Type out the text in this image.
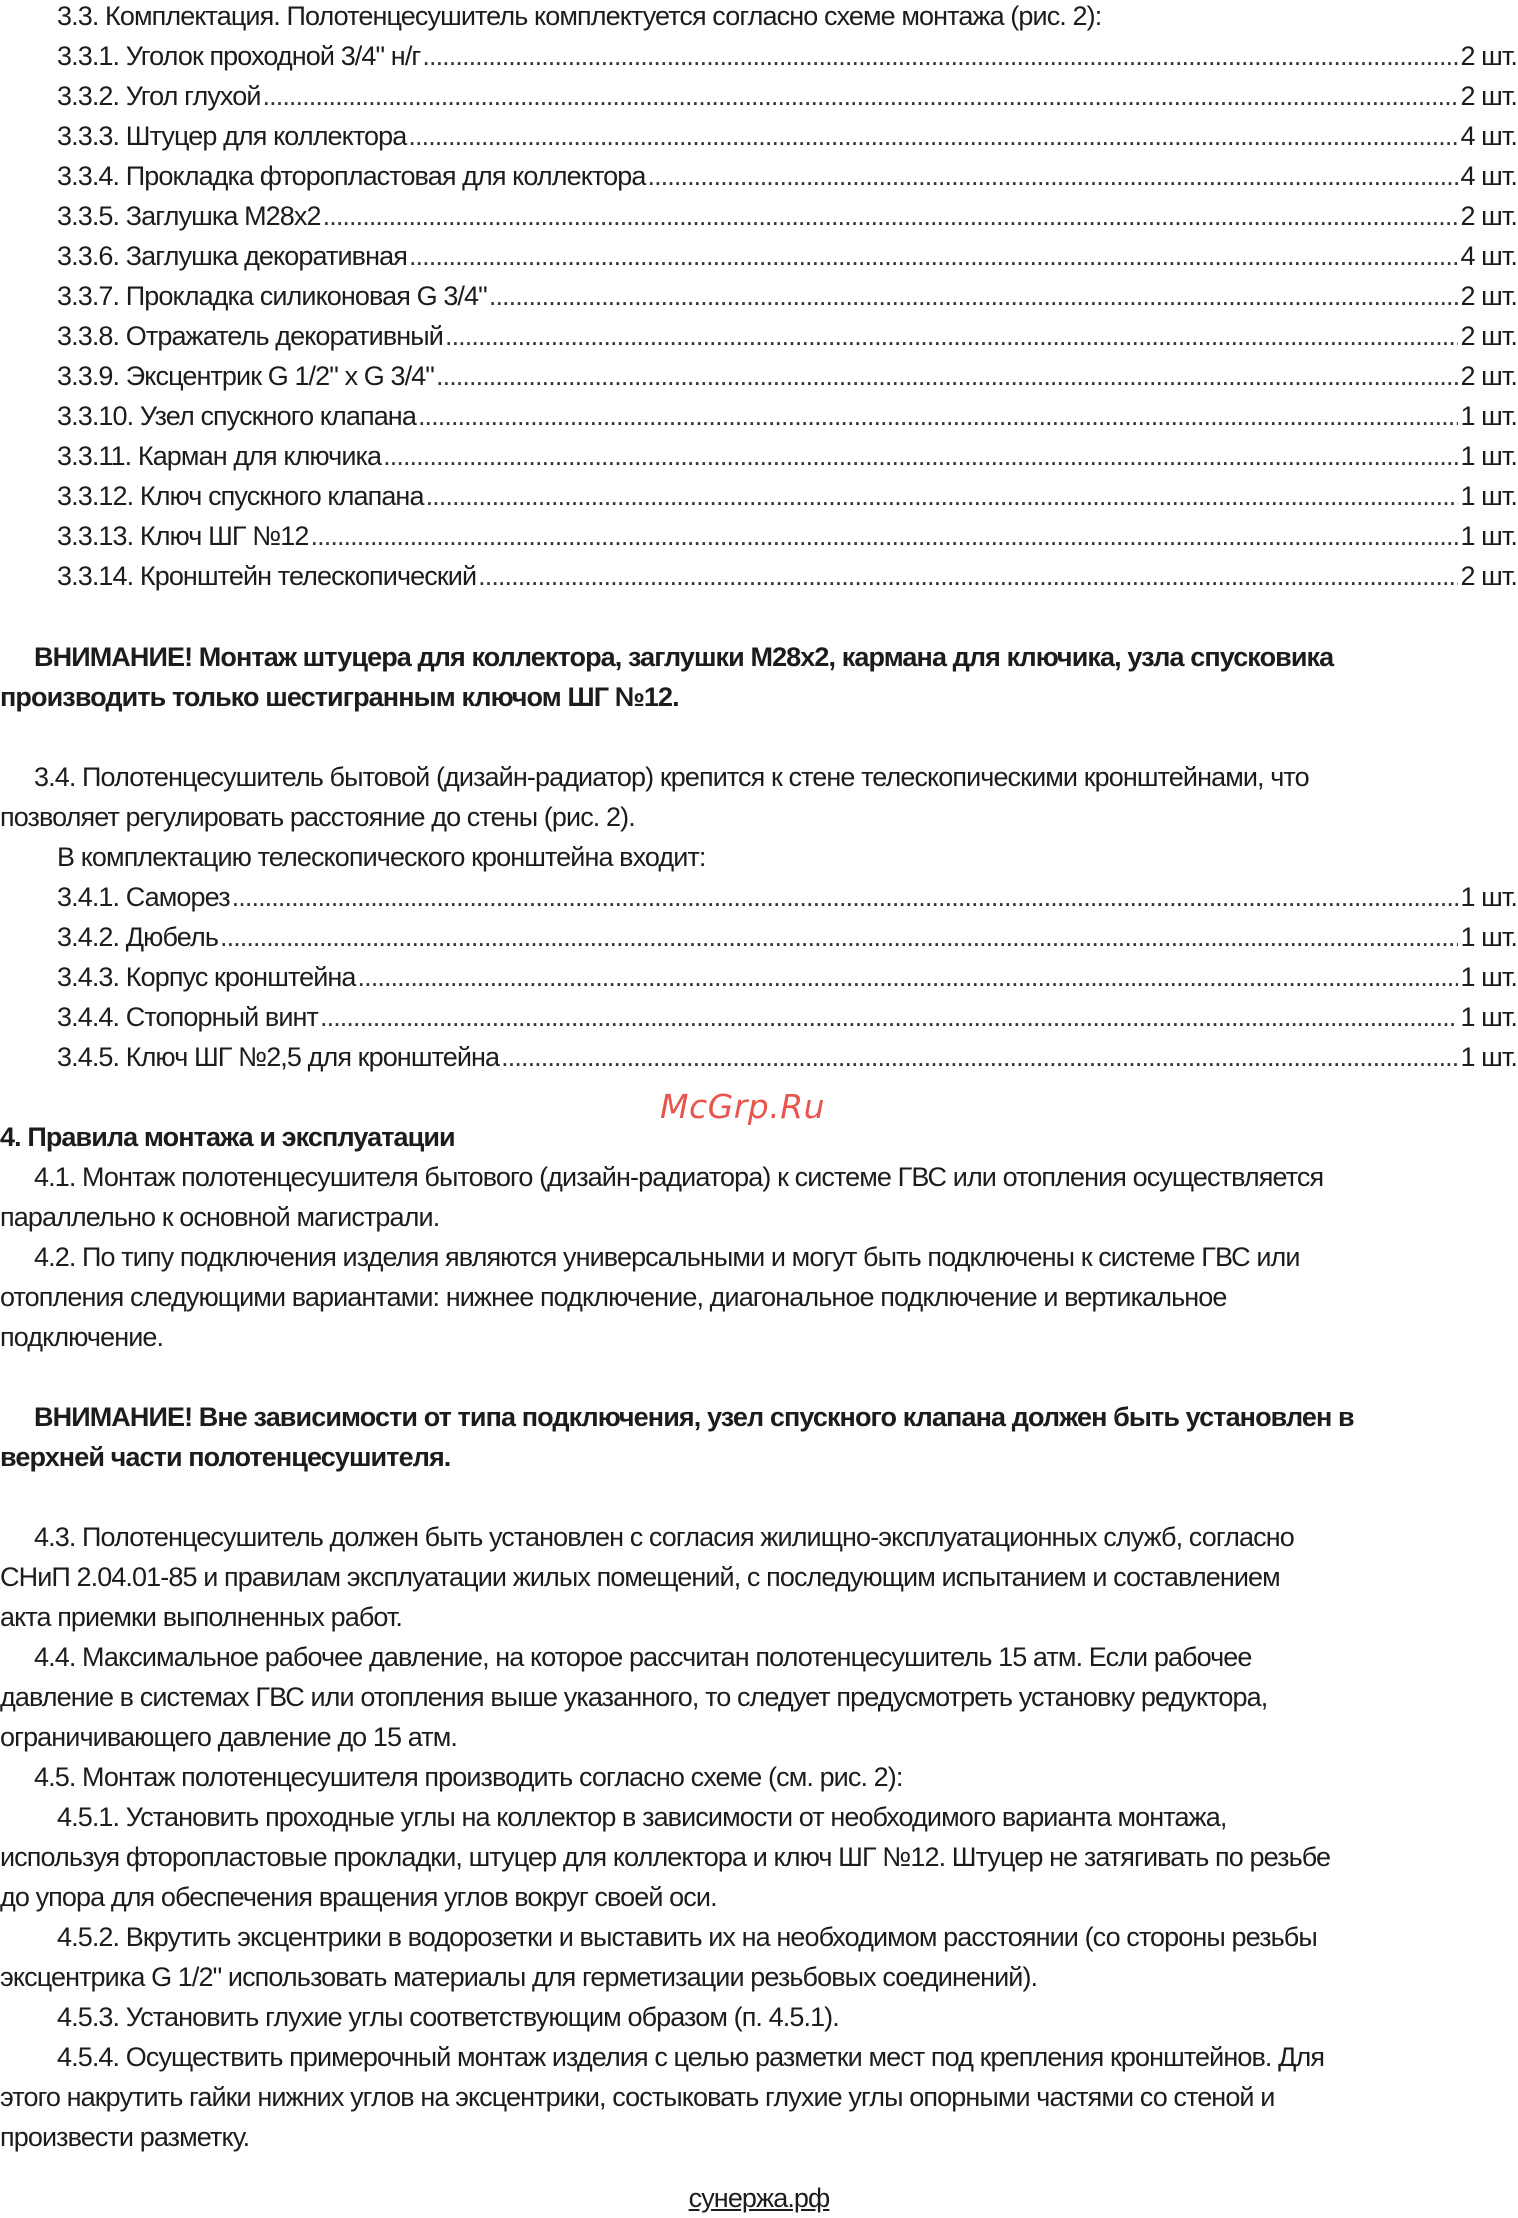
3.3. Комплектация. Полотенцесушитель комплектуется согласно схеме монтажа (рис. 2):
3.3.1. Уголок проходной 3/4" н/г .....	2 шт.
3.3.2. Угол глухой .....	2 шт.
3.3.3. Штуцер для коллектора .....	4 шт.
3.3.4. Прокладка фторопластовая для коллектора .....	4 шт.
3.3.5. Заглушка М28х2 .....	2 шт.
3.3.6. Заглушка декоративная .....	4 шт.
3.3.7. Прокладка силиконовая G 3/4" .....	2 шт.
3.3.8. Отражатель декоративный .....	2 шт.
3.3.9. Эксцентрик G 1/2" x G 3/4" .....	2 шт.
3.3.10. Узел спускного клапана .....	1 шт.
3.3.11. Карман для ключика .....	1 шт.
3.3.12. Ключ спускного клапана .....	1 шт.
3.3.13. Ключ ШГ №12 .....	1 шт.
3.3.14. Кронштейн телескопический .....	2 шт.
ВНИМАНИЕ! Монтаж штуцера для коллектора, заглушки М28х2, кармана для ключика, узла спусковика
производить только шестигранным ключом ШГ №12.
3.4. Полотенцесушитель бытовой (дизайн-радиатор) крепится к стене телескопическими кронштейнами, что
позволяет регулировать расстояние до стены (рис. 2).
В комплектацию телескопического кронштейна входит:
3.4.1. Саморез .....	1 шт.
3.4.2. Дюбель .....	1 шт.
3.4.3. Корпус кронштейна .....	1 шт.
3.4.4. Стопорный винт .....	1 шт.
3.4.5. Ключ ШГ №2,5 для кронштейна .....	1 шт.
McGrp.Ru
4. Правила монтажа и эксплуатации
4.1. Монтаж полотенцесушителя бытового (дизайн-радиатора) к системе ГВС или отопления осуществляется
параллельно к основной магистрали.
4.2. По типу подключения изделия являются универсальными и могут быть подключены к системе ГВС или
отопления следующими вариантами: нижнее подключение, диагональное подключение и вертикальное
подключение.
ВНИМАНИЕ! Вне зависимости от типа подключения, узел спускного клапана должен быть установлен в
верхней части полотенцесушителя.
4.3. Полотенцесушитель должен быть установлен с согласия жилищно-эксплуатационных служб, согласно
СНиП 2.04.01-85 и правилам эксплуатации жилых помещений, с последующим испытанием и составлением
акта приемки выполненных работ.
4.4. Максимальное рабочее давление, на которое рассчитан полотенцесушитель 15 атм. Если рабочее
давление в системах ГВС или отопления выше указанного, то следует предусмотреть установку редуктора,
ограничивающего давление до 15 атм.
4.5. Монтаж полотенцесушителя производить согласно схеме (см. рис. 2):
4.5.1. Установить проходные углы на коллектор в зависимости от необходимого варианта монтажа,
используя фторопластовые прокладки, штуцер для коллектора и ключ ШГ №12. Штуцер не затягивать по резьбе
до упора для обеспечения вращения углов вокруг своей оси.
4.5.2. Вкрутить эксцентрики в водорозетки и выставить их на необходимом расстоянии (со стороны резьбы
эксцентрика G 1/2" использовать материалы для герметизации резьбовых соединений).
4.5.3. Установить глухие углы соответствующим образом (п. 4.5.1).
4.5.4. Осуществить примерочный монтаж изделия с целью разметки мест под крепления кронштейнов. Для
этого накрутить гайки нижних углов на эксцентрики, состыковать глухие углы опорными частями со стеной и
произвести разметку.
сунержа.рф
